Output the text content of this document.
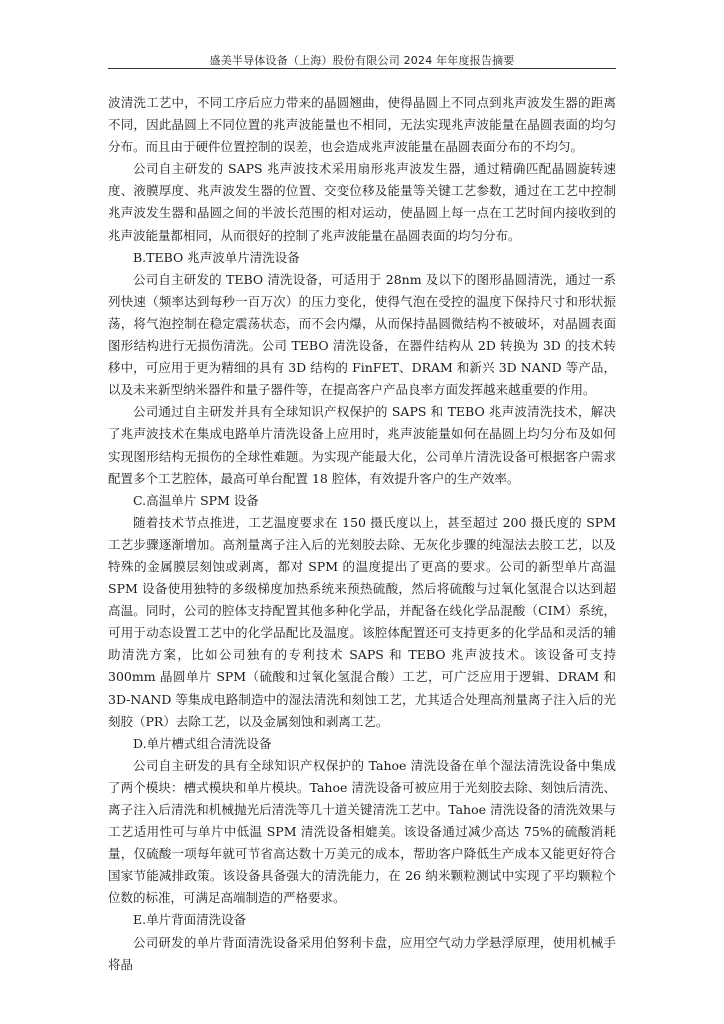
盛美半导体设备（上海）股份有限公司 2024 年年度报告摘要

波清洗工艺中，不同工序后应力带来的晶圆翘曲，使得晶圆上不同点到兆声波发生器的距离不同，因此晶圆上不同位置的兆声波能量也不相同，无法实现兆声波能量在晶圆表面的均匀分布。而且由于硬件位置控制的误差，也会造成兆声波能量在晶圆表面分布的不均匀。

公司自主研发的 SAPS 兆声波技术采用扇形兆声波发生器，通过精确匹配晶圆旋转速度、液膜厚度、兆声波发生器的位置、交变位移及能量等关键工艺参数，通过在工艺中控制兆声波发生器和晶圆之间的半波长范围的相对运动，使晶圆上每一点在工艺时间内接收到的兆声波能量都相同，从而很好的控制了兆声波能量在晶圆表面的均匀分布。

B.TEBO 兆声波单片清洗设备

公司自主研发的 TEBO 清洗设备，可适用于 28nm 及以下的图形晶圆清洗，通过一系列快速（频率达到每秒一百万次）的压力变化，使得气泡在受控的温度下保持尺寸和形状振荡，将气泡控制在稳定震荡状态，而不会内爆，从而保持晶圆微结构不被破坏，对晶圆表面图形结构进行无损伤清洗。公司 TEBO 清洗设备，在器件结构从 2D 转换为 3D 的技术转移中，可应用于更为精细的具有 3D 结构的 FinFET、DRAM 和新兴 3D NAND 等产品，以及未来新型纳米器件和量子器件等，在提高客户产品良率方面发挥越来越重要的作用。

公司通过自主研发并具有全球知识产权保护的 SAPS 和 TEBO 兆声波清洗技术，解决了兆声波技术在集成电路单片清洗设备上应用时，兆声波能量如何在晶圆上均匀分布及如何实现图形结构无损伤的全球性难题。为实现产能最大化，公司单片清洗设备可根据客户需求配置多个工艺腔体，最高可单台配置 18 腔体，有效提升客户的生产效率。

C.高温单片 SPM 设备

随着技术节点推进，工艺温度要求在 150 摄氏度以上，甚至超过 200 摄氏度的 SPM 工艺步骤逐渐增加。高剂量离子注入后的光刻胶去除、无灰化步骤的纯湿法去胶工艺，以及特殊的金属膜层刻蚀或剥离，都对 SPM 的温度提出了更高的要求。公司的新型单片高温 SPM 设备使用独特的多级梯度加热系统来预热硫酸，然后将硫酸与过氧化氢混合以达到超高温。同时，公司的腔体支持配置其他多种化学品，并配备在线化学品混酸（CIM）系统，可用于动态设置工艺中的化学品配比及温度。该腔体配置还可支持更多的化学品和灵活的辅助清洗方案，比如公司独有的专利技术 SAPS 和 TEBO 兆声波技术。该设备可支持 300mm 晶圆单片 SPM（硫酸和过氧化氢混合酸）工艺，可广泛应用于逻辑、DRAM 和 3D-NAND 等集成电路制造中的湿法清洗和刻蚀工艺，尤其适合处理高剂量离子注入后的光刻胶（PR）去除工艺，以及金属刻蚀和剥离工艺。

D.单片槽式组合清洗设备

公司自主研发的具有全球知识产权保护的 Tahoe 清洗设备在单个湿法清洗设备中集成了两个模块：槽式模块和单片模块。Tahoe 清洗设备可被应用于光刻胶去除、刻蚀后清洗、离子注入后清洗和机械抛光后清洗等几十道关键清洗工艺中。Tahoe 清洗设备的清洗效果与工艺适用性可与单片中低温 SPM 清洗设备相媲美。该设备通过减少高达 75%的硫酸消耗量，仅硫酸一项每年就可节省高达数十万美元的成本，帮助客户降低生产成本又能更好符合国家节能减排政策。该设备具备强大的清洗能力，在 26 纳米颗粒测试中实现了平均颗粒个位数的标准，可满足高端制造的严格要求。

E.单片背面清洗设备

公司研发的单片背面清洗设备采用伯努利卡盘，应用空气动力学悬浮原理，使用机械手将晶
